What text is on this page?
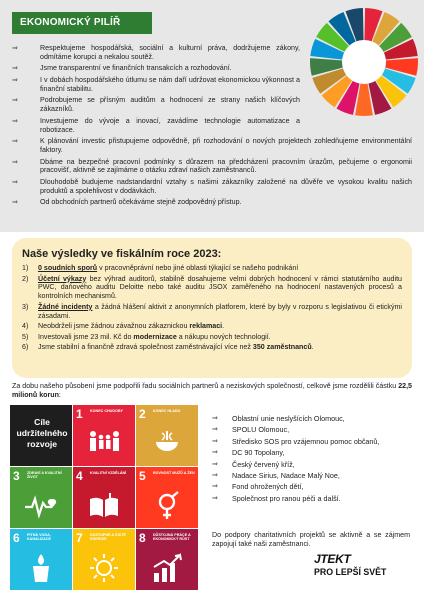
EKONOMICKÝ PILÍŘ
⇒	Respektujeme hospodářská, sociální a kulturní práva, dodržujeme zákony, odmítáme korupci a nekalou soutěž.
⇒	Jsme transparentní ve finančních transakcích a rozhodování.
⇒	I v dobách hospodářského útlumu se nám daří udržovat ekonomickou výkonnost a finanční stabilitu.
⇒	Podrobujeme se přísným auditům a hodnocení ze strany našich klíčových zákazníků.
⇒	Investujeme do vývoje a inovací, zavádíme technologie automatizace a robotizace.
⇒	K plánování investic přistupujeme odpovědně, při rozhodování o nových projektech zohledňujeme environmentální faktory.
⇒	Dbáme na bezpečné pracovní podmínky s důrazem na předcházení pracovním úrazům, pečujeme o ergonomii pracovišť, aktivně se zajímáme o otázku zdraví našich zaměstnanců.
⇒	Dlouhodobě budujeme nadstandardní vztahy s našimi zákazníky založené na důvěře ve vysokou kvalitu našich produktů a spolehlivost v dodávkách.
⇒	Od obchodních partnerů očekáváme stejně zodpovědný přístup.
Naše výsledky ve fiskálním roce 2023:
1) 0 soudních sporů v pracovněprávní nebo jiné oblasti týkající se našeho podnikání
2) Účetní výkazy bez výhrad auditorů, stabilně dosahujeme velmi dobrých hodnocení v rámci statutárního auditu PWC, daňového auditu Deloitte nebo také auditu JSOX zaměřeného na hodnocení nastavených procesů a kontrolních mechanismů.
3) Žádné incidenty a žádná hlášení aktivit z anonymních platforem, které by byly v rozporu s legislativou či etickými zásadami.
4) Neobdrželi jsme žádnou závažnou zákaznickou reklamaci.
5) Investovali jsme 23 mil. Kč do modernizace a nákupu nových technologií.
6) Jsme stabilní a finančně zdravá společnost zaměstnávající více než 350 zaměstnanců.

Za dobu našeho působení jsme podpořili řadu sociálních partnerů a neziskových společností, celkově jsme rozdělili částku 22,5 milionů korun:

Cíle udržitelného rozvoje
1 KONEC CHUDOBY	2 KONEC HLADU
3 ZDRAVÍ A KVALITNÍ ŽIVOT	4 KVALITNÍ VZDĚLÁNÍ	5 ROVNOST MUŽŮ A ŽEN
6 PITNÁ VODA, KANALIZACE	7 DOSTUPNÉ A ČISTÉ ENERGIE	8 DŮSTOJNÁ PRÁCE A EKONOMICKÝ RŮST
⇒ Oblastní unie neslyšících Olomouc,
⇒ SPOLU Olomouc,
⇒ Středisko SOS pro vzájemnou pomoc občanů,
⇒ DC 90 Topolany,
⇒ Český červený kříž,
⇒ Nadace Sirius, Nadace Malý Noe,
⇒ Fond ohrožených dětí,
⇒ Společnost pro ranou péči a další.

Do podpory charitativních projektů se aktivně a se zájmem zapojují také naši zaměstnanci.

JTEKT
PRO LEPŠÍ SVĚT
